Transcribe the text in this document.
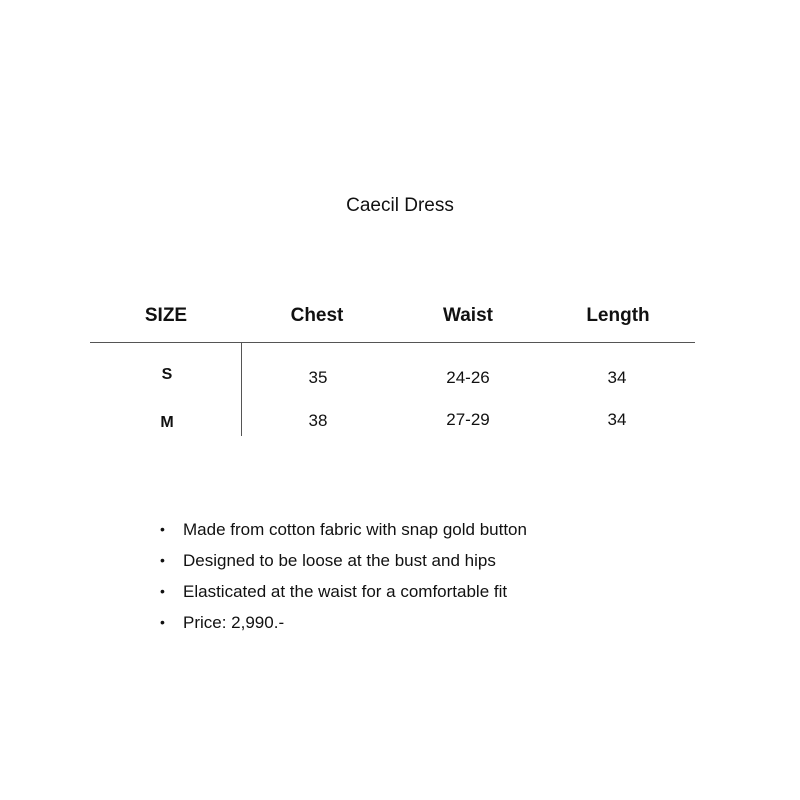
Caecil Dress
SIZE	Chest	Waist	Length
S	35	24-26	34
M	38	27-29	34
• Made from cotton fabric with snap gold button
• Designed to be loose at the bust and hips
• Elasticated at the waist for a comfortable fit
• Price: 2,990.-
